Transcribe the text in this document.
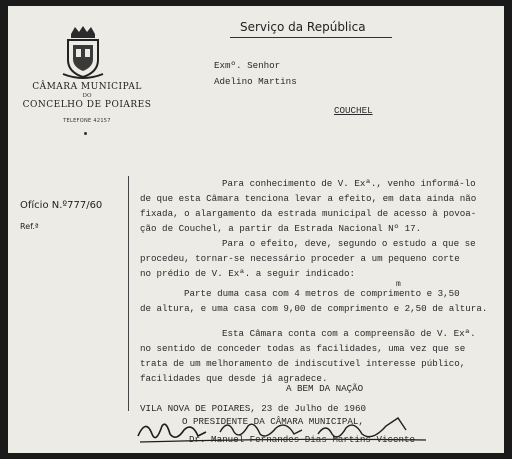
CÂMARA MUNICIPAL
DO
CONCELHO DE POIARES
TELEFONE 42157
Serviço da República
Exmº. Senhor
Adelino Martins
COUCHEL
Ofício N.º777/60
Ref.ª
Para conhecimento de V. Exª., venho informá-lo
de que esta Câmara tenciona levar a efeito, em data ainda não
fixada, o alargamento da estrada municipal de acesso à povoa-
ção de Couchel, a partir da Estrada Nacional Nº 17.
Para o efeito, deve, segundo o estudo a que se
procedeu, tornar-se necessário proceder a um pequeno corte
no prédio de V. Exª. a seguir indicado:
m
Parte duma casa com 4 metros de comprimento e 3,50
de altura, e uma casa com 9,00 de comprimento e 2,50 de altura.
Esta Câmara conta com a compreensão de V. Exª.
no sentido de conceder todas as facilidades, uma vez que se
trata de um melhoramento de indiscutível interesse público,
facilidades que desde já agradece.
A BEM DA NAÇÃO
VILA NOVA DE POIARES, 23 de Julho de 1960
O PRESIDENTE DA CÂMARA MUNICIPAL,
Dr. Manuel Fernandes Dias Martins Vicente
